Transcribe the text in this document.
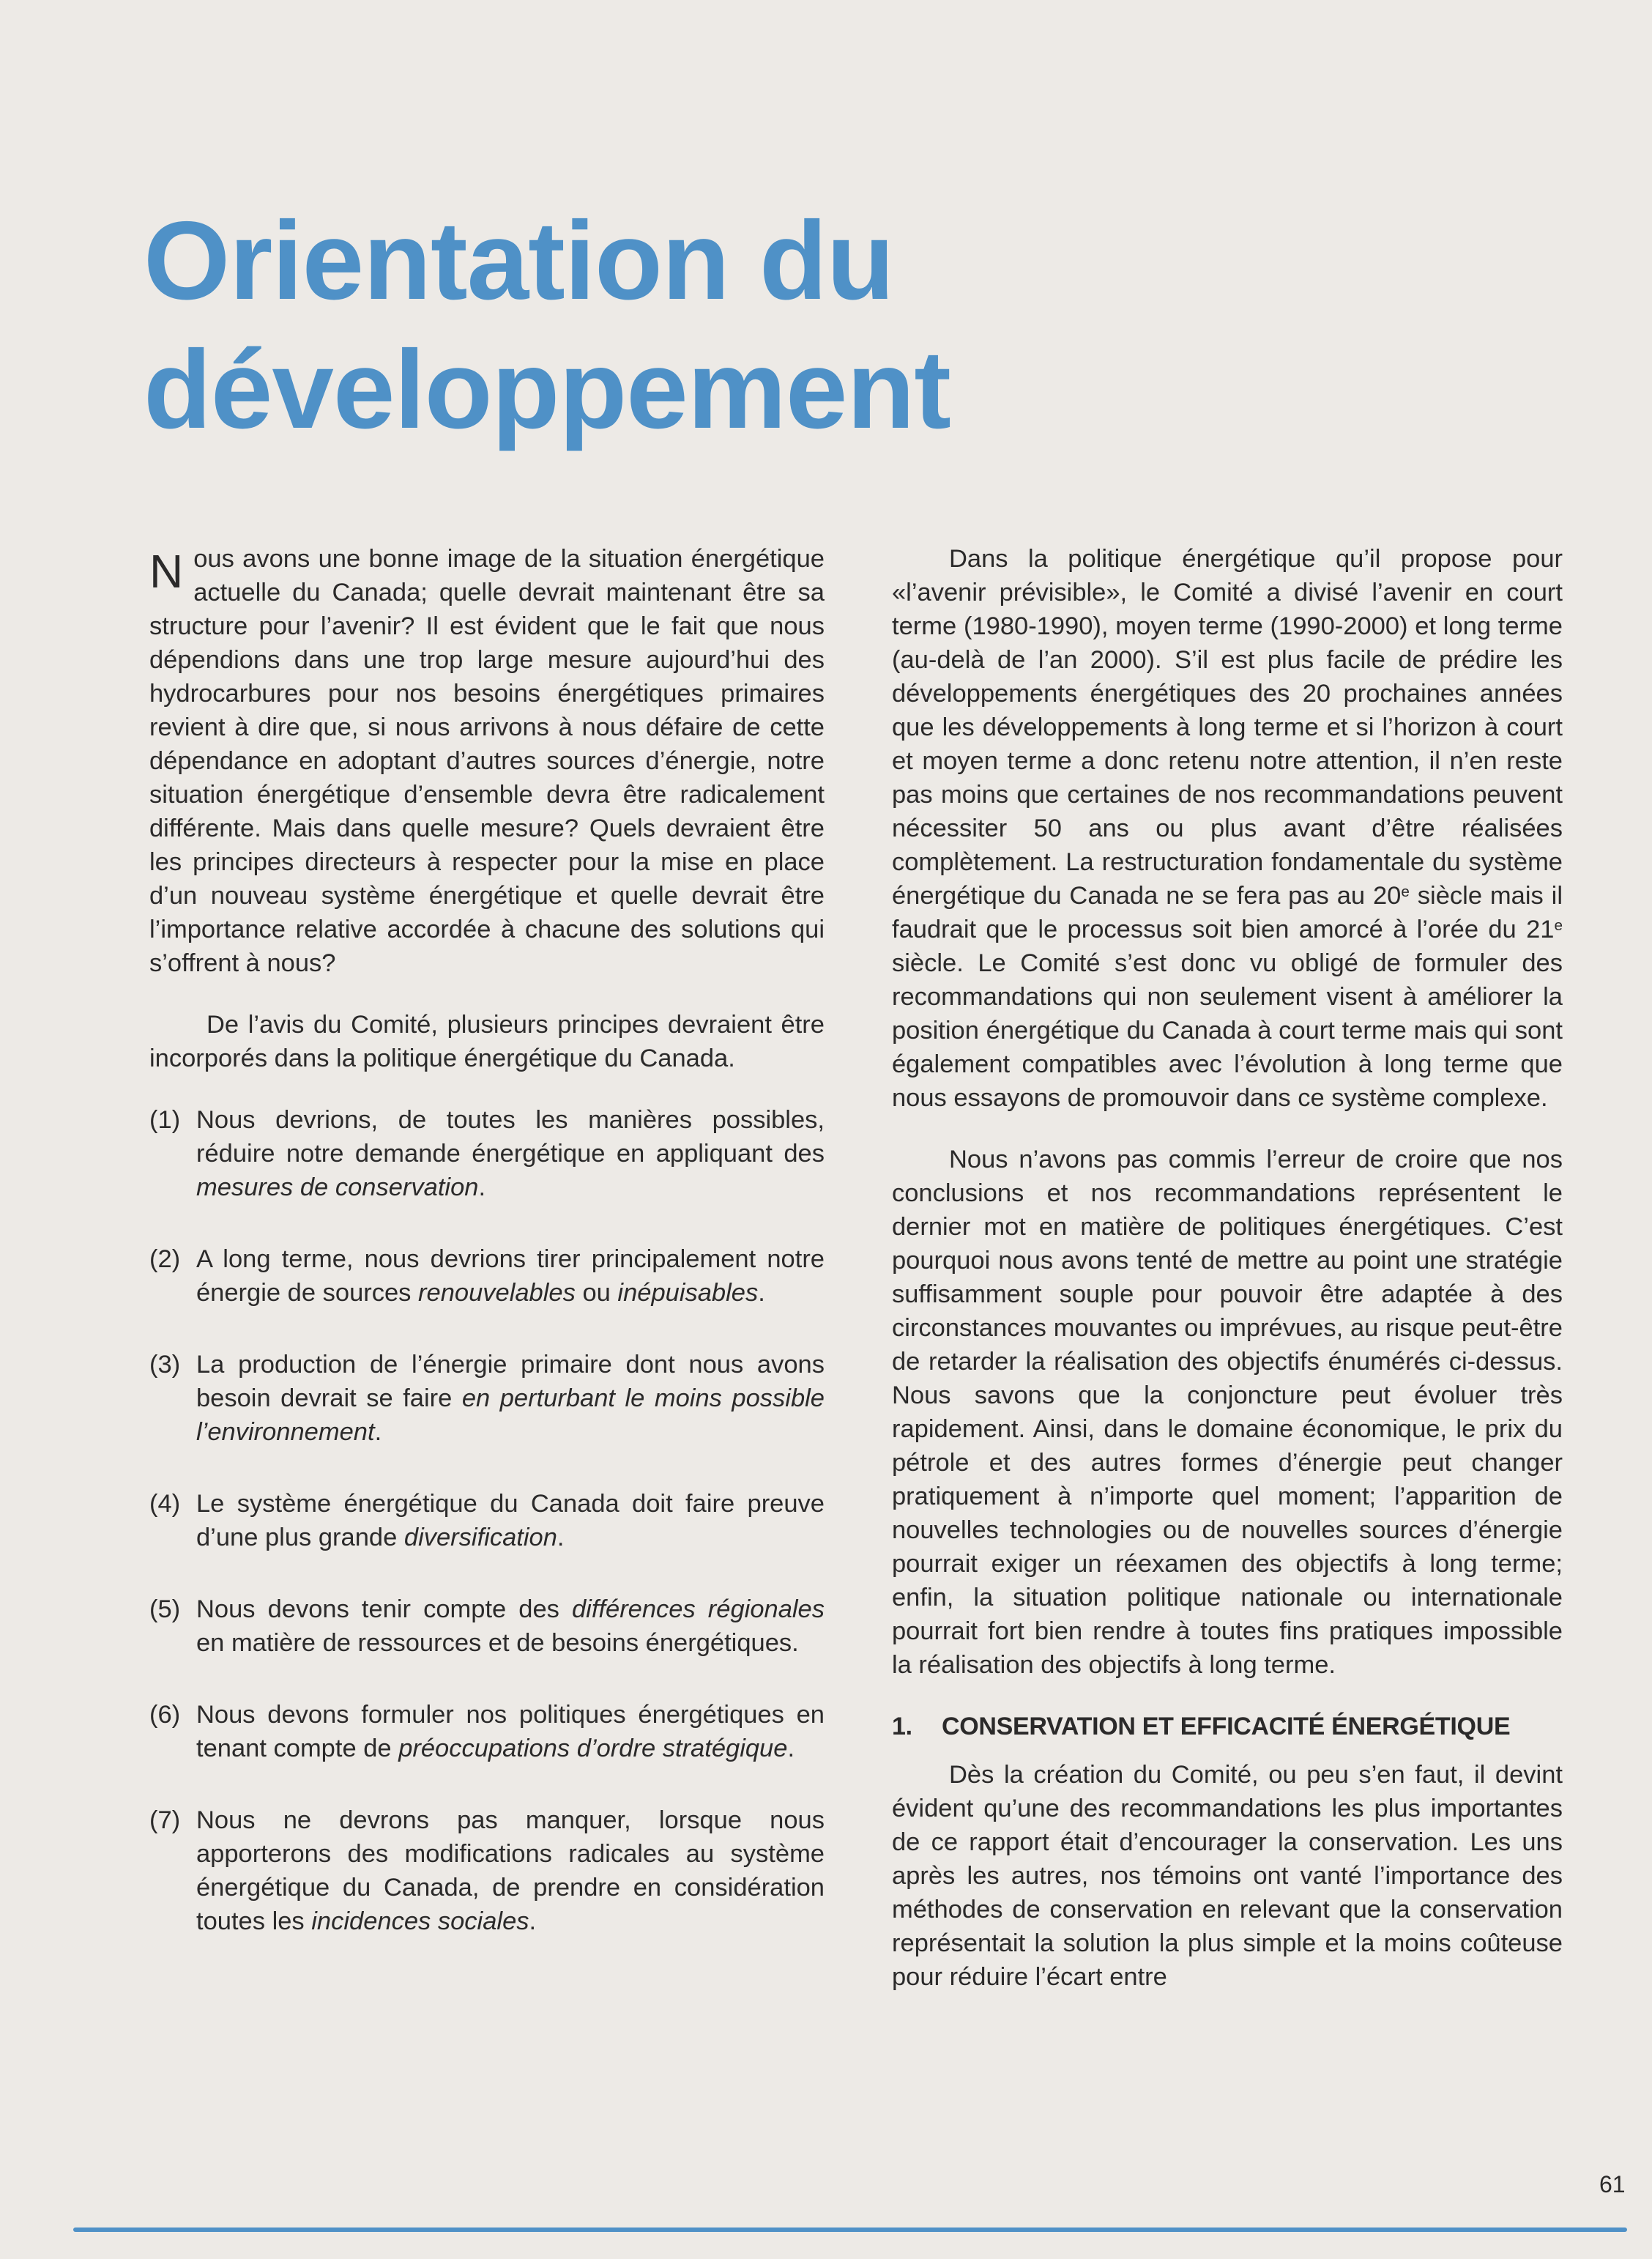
Orientation du développement

Nous avons une bonne image de la situation énergétique actuelle du Canada; quelle devrait maintenant être sa structure pour l’avenir? Il est évident que le fait que nous dépendions dans une trop large mesure aujourd’hui des hydrocarbures pour nos besoins énergétiques primaires revient à dire que, si nous arrivons à nous défaire de cette dépendance en adoptant d’autres sources d’énergie, notre situation énergétique d’ensemble devra être radicalement différente. Mais dans quelle mesure? Quels devraient être les principes directeurs à respecter pour la mise en place d’un nouveau système énergétique et quelle devrait être l’importance relative accordée à chacune des solutions qui s’offrent à nous?

De l’avis du Comité, plusieurs principes devraient être incorporés dans la politique énergétique du Canada.

(1) Nous devrions, de toutes les manières possibles, réduire notre demande énergétique en appliquant des mesures de conservation.
(2) A long terme, nous devrions tirer principalement notre énergie de sources renouvelables ou inépuisables.
(3) La production de l’énergie primaire dont nous avons besoin devrait se faire en perturbant le moins possible l’environnement.
(4) Le système énergétique du Canada doit faire preuve d’une plus grande diversification.
(5) Nous devons tenir compte des différences régionales en matière de ressources et de besoins énergétiques.
(6) Nous devons formuler nos politiques énergétiques en tenant compte de préoccupations d’ordre stratégique.
(7) Nous ne devrons pas manquer, lorsque nous apporterons des modifications radicales au système énergétique du Canada, de prendre en considération toutes les incidences sociales.

Dans la politique énergétique qu’il propose pour «l’avenir prévisible», le Comité a divisé l’avenir en court terme (1980-1990), moyen terme (1990-2000) et long terme (au-delà de l’an 2000). S’il est plus facile de prédire les développements énergétiques des 20 prochaines années que les développements à long terme et si l’horizon à court et moyen terme a donc retenu notre attention, il n’en reste pas moins que certaines de nos recommandations peuvent nécessiter 50 ans ou plus avant d’être réalisées complètement. La restructuration fondamentale du système énergétique du Canada ne se fera pas au 20e siècle mais il faudrait que le processus soit bien amorcé à l’orée du 21e siècle. Le Comité s’est donc vu obligé de formuler des recommandations qui non seulement visent à améliorer la position énergétique du Canada à court terme mais qui sont également compatibles avec l’évolution à long terme que nous essayons de promouvoir dans ce système complexe.

Nous n’avons pas commis l’erreur de croire que nos conclusions et nos recommandations représentent le dernier mot en matière de politiques énergétiques. C’est pourquoi nous avons tenté de mettre au point une stratégie suffisamment souple pour pouvoir être adaptée à des circonstances mouvantes ou imprévues, au risque peut-être de retarder la réalisation des objectifs énumérés ci-dessus. Nous savons que la conjoncture peut évoluer très rapidement. Ainsi, dans le domaine économique, le prix du pétrole et des autres formes d’énergie peut changer pratiquement à n’importe quel moment; l’apparition de nouvelles technologies ou de nouvelles sources d’énergie pourrait exiger un réexamen des objectifs à long terme; enfin, la situation politique nationale ou internationale pourrait fort bien rendre à toutes fins pratiques impossible la réalisation des objectifs à long terme.

1. CONSERVATION ET EFFICACITÉ ÉNERGÉTIQUE

Dès la création du Comité, ou peu s’en faut, il devint évident qu’une des recommandations les plus importantes de ce rapport était d’encourager la conservation. Les uns après les autres, nos témoins ont vanté l’importance des méthodes de conservation en relevant que la conservation représentait la solution la plus simple et la moins coûteuse pour réduire l’écart entre

61
